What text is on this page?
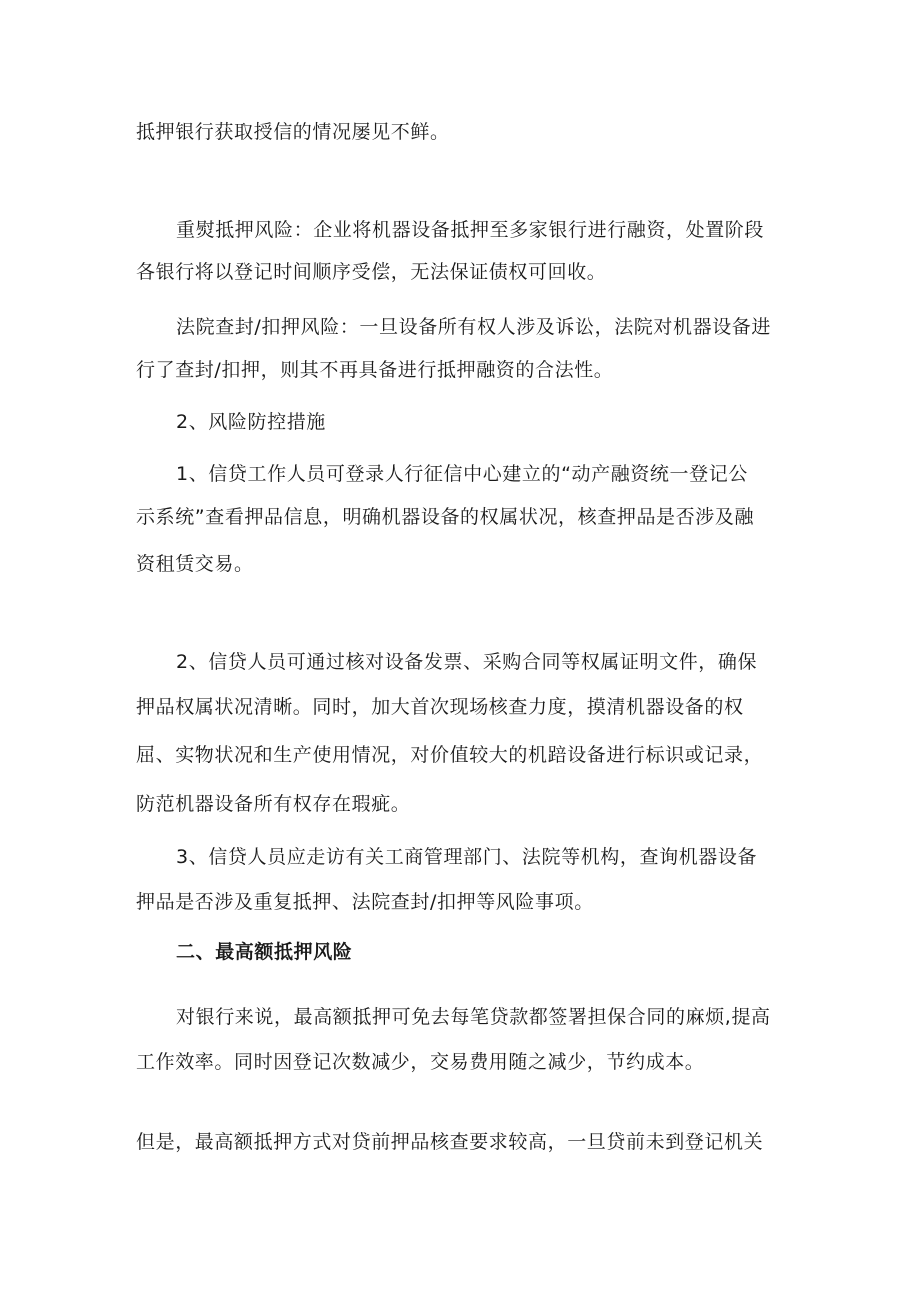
抵押银行获取授信的情况屡见不鲜。
重熨抵押风险：企业将机器设备抵押至多家银行进行融资，处置阶段
各银行将以登记时间顺序受偿，无法保证债权可回收。
法院查封/扣押风险：一旦设备所有权人涉及诉讼，法院对机器设备进
行了查封/扣押，则其不再具备进行抵押融资的合法性。
2、风险防控措施
1、信贷工作人员可登录人行征信中心建立的“动产融资统一登记公
示系统”查看押品信息，明确机器设备的权属状况，核查押品是否涉及融
资租赁交易。
2、信贷人员可通过核对设备发票、采购合同等权属证明文件，确保
押品权属状况清晰。同时，加大首次现场核查力度，摸清机器设备的权
屈、实物状况和生产使用情况，对价值较大的机踣设备进行标识或记录，
防范机器设备所有权存在瑕疵。
3、信贷人员应走访有关工商管理部门、法院等机构，查询机器设备
押品是否涉及重复抵押、法院查封/扣押等风险事项。
二、最高额抵押风险
对银行来说，最高额抵押可免去每笔贷款都签署担保合同的麻烦,提高
工作效率。同时因登记次数减少，交易费用随之减少，节约成本。
但是，最高额抵押方式对贷前押品核查要求较高，一旦贷前未到登记机关
